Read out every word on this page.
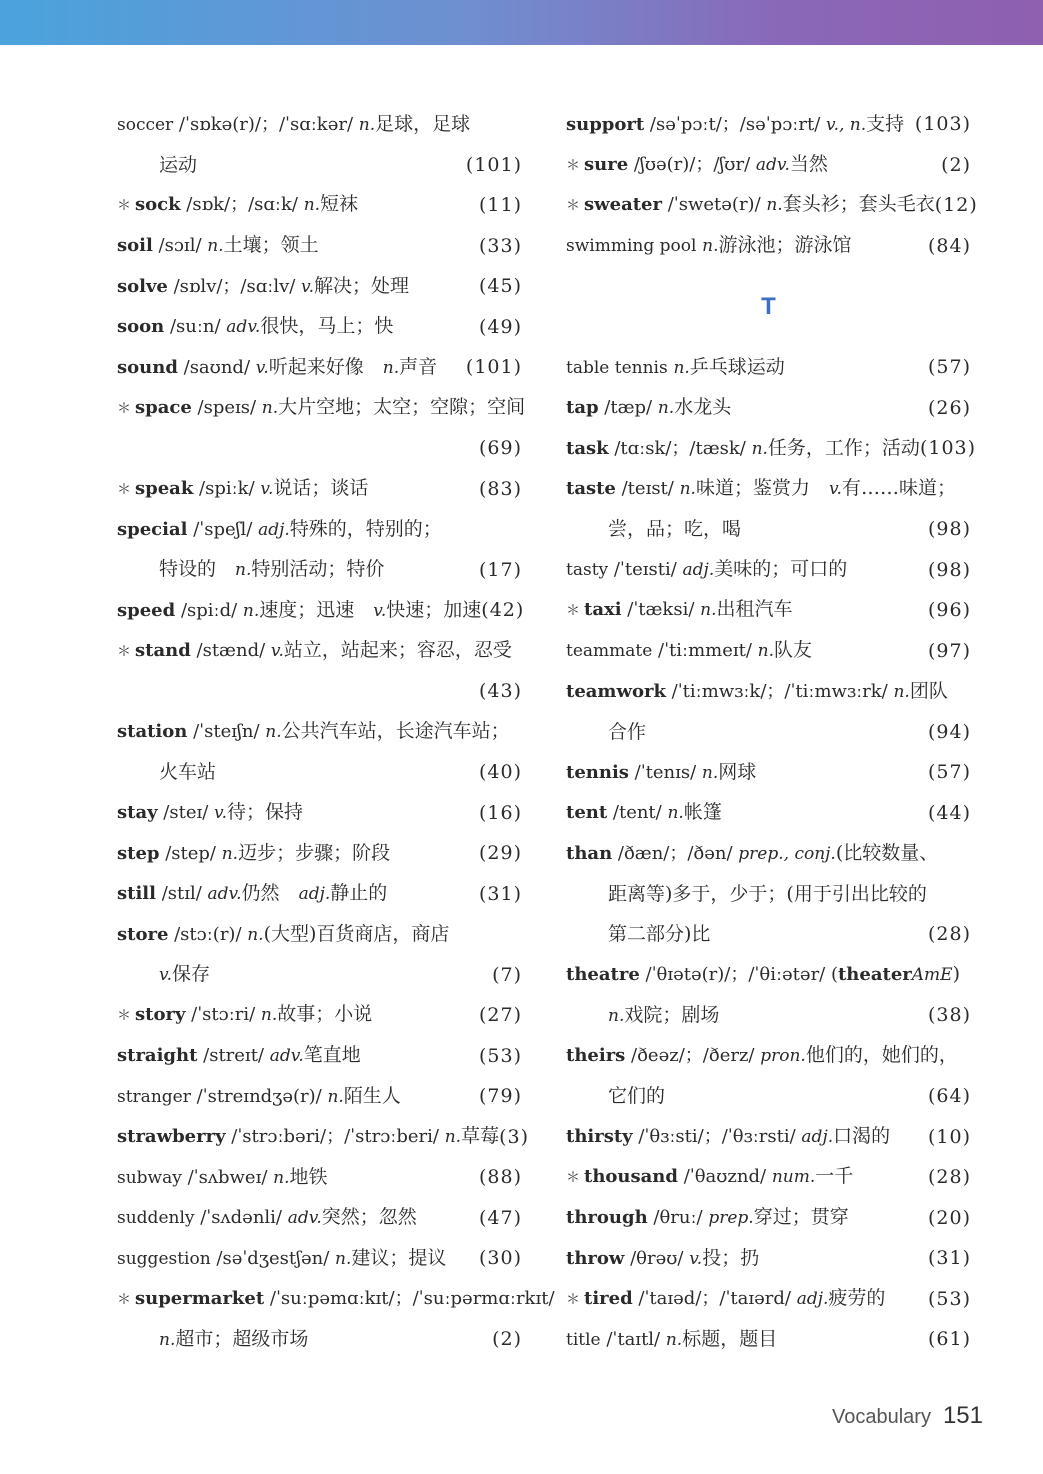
soccer /ˈsɒkə(r)/；/ˈsɑːkər/ n.足球，足球
运动	(101)
＊ sock /sɒk/；/sɑːk/ n.短袜	(11)
soil /sɔɪl/ n.土壤；领土	(33)
solve /sɒlv/；/sɑːlv/ v.解决；处理	(45)
soon /suːn/ adv.很快，马上；快	(49)
sound /saʊnd/ v.听起来好像　n.声音	(101)
＊ space /speɪs/ n.大片空地；太空；空隙；空间
(69)
＊ speak /spiːk/ v.说话；谈话	(83)
special /ˈspeʃl/ adj.特殊的，特别的；
特设的　n.特别活动；特价	(17)
speed /spiːd/ n.速度；迅速　v.快速；加速 (42)
＊ stand /stænd/ v.站立，站起来；容忍，忍受
(43)
station /ˈsteɪʃn/ n.公共汽车站，长途汽车站；
火车站	(40)
stay /steɪ/ v.待；保持	(16)
step /step/ n.迈步；步骤；阶段	(29)
still /stɪl/ adv.仍然　adj.静止的	(31)
store /stɔː(r)/ n.(大型)百货商店，商店
v.保存	(7)
＊ story /ˈstɔːri/ n.故事；小说	(27)
straight /streɪt/ adv.笔直地	(53)
stranger /ˈstreɪndʒə(r)/ n.陌生人	(79)
strawberry /ˈstrɔːbəri/；/ˈstrɔːberi/ n.草莓 (3)
subway /ˈsʌbweɪ/ n.地铁	(88)
suddenly /ˈsʌdənli/ adv.突然；忽然	(47)
suggestion /səˈdʒestʃən/ n.建议；提议	(30)
＊ supermarket /ˈsuːpəmɑːkɪt/；/ˈsuːpərmɑːrkɪt/
n.超市；超级市场	(2)
support /səˈpɔːt/；/səˈpɔːrt/ v., n.支持 (103)
＊ sure /ʃʊə(r)/；/ʃʊr/ adv.当然	(2)
＊ sweater /ˈswetə(r)/ n.套头衫；套头毛衣 (12)
swimming pool n.游泳池；游泳馆	(84)
T
table tennis n.乒乓球运动	(57)
tap /tæp/ n.水龙头	(26)
task /tɑːsk/；/tæsk/ n.任务，工作；活动 (103)
taste /teɪst/ n.味道；鉴赏力　v.有……味道；
尝，品；吃，喝	(98)
tasty /ˈteɪsti/ adj.美味的；可口的	(98)
＊ taxi /ˈtæksi/ n.出租汽车	(96)
teammate /ˈtiːmmeɪt/ n.队友	(97)
teamwork /ˈtiːmwɜːk/；/ˈtiːmwɜːrk/ n.团队
合作	(94)
tennis /ˈtenɪs/ n.网球	(57)
tent /tent/ n.帐篷	(44)
than /ðæn/；/ðən/ prep., conj.(比较数量、
距离等)多于，少于；(用于引出比较的
第二部分)比	(28)
theatre /ˈθɪətə(r)/；/ˈθiːətər/ (theaterAmE)
n.戏院；剧场	(38)
theirs /ðeəz/；/ðerz/ pron.他们的，她们的，
它们的	(64)
thirsty /ˈθɜːsti/；/ˈθɜːrsti/ adj.口渴的	(10)
＊ thousand /ˈθaʊznd/ num.一千	(28)
through /θruː/ prep.穿过；贯穿	(20)
throw /θrəʊ/ v.投；扔	(31)
＊ tired /ˈtaɪəd/；/ˈtaɪərd/ adj.疲劳的	(53)
title /ˈtaɪtl/ n.标题，题目	(61)
Vocabulary 151
